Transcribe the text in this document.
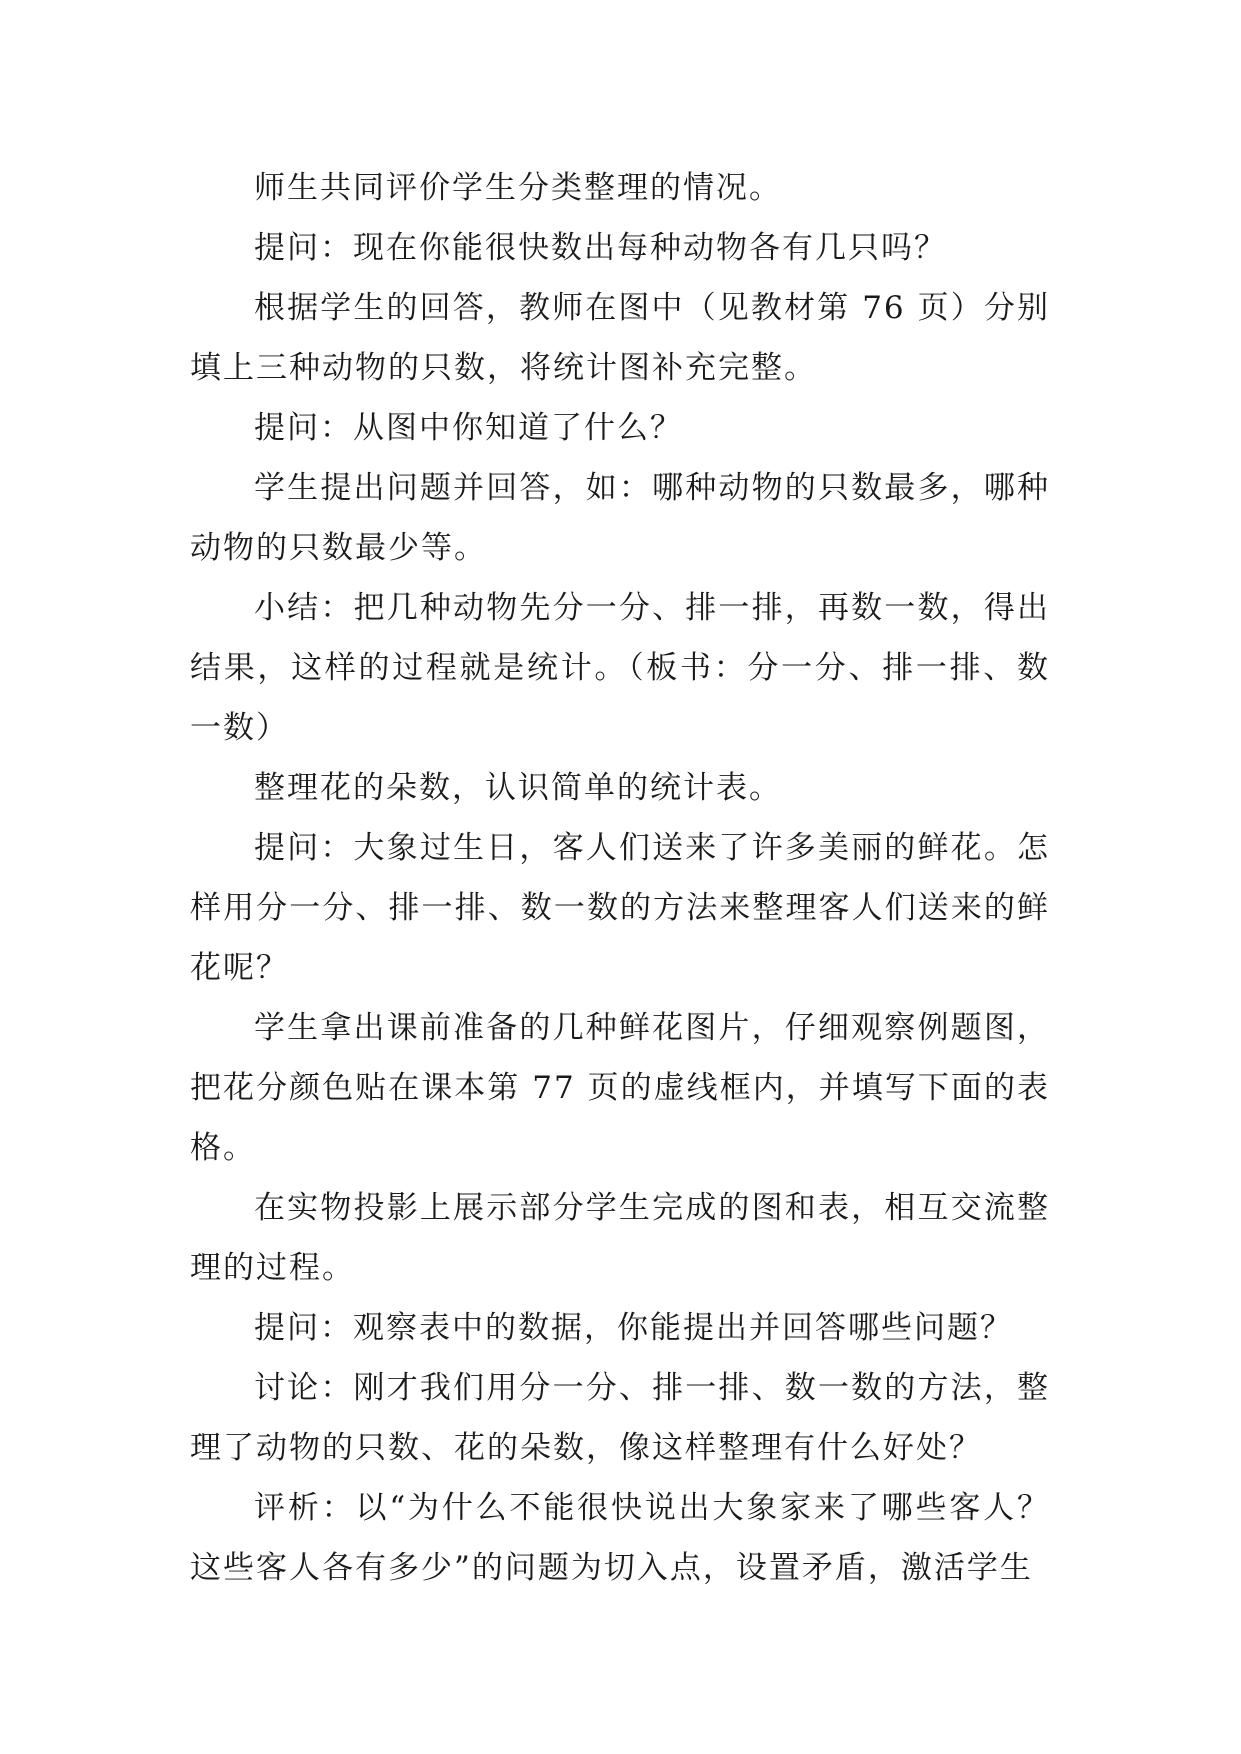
师生共同评价学生分类整理的情况。

提问：现在你能很快数出每种动物各有几只吗？

根据学生的回答，教师在图中（见教材第 76 页）分别填上三种动物的只数，将统计图补充完整。

提问：从图中你知道了什么？

学生提出问题并回答，如：哪种动物的只数最多，哪种动物的只数最少等。

小结：把几种动物先分一分、排一排，再数一数，得出结果，这样的过程就是统计。（板书：分一分、排一排、数一数）

整理花的朵数，认识简单的统计表。

提问：大象过生日，客人们送来了许多美丽的鲜花。怎样用分一分、排一排、数一数的方法来整理客人们送来的鲜花呢？

学生拿出课前准备的几种鲜花图片，仔细观察例题图，把花分颜色贴在课本第 77 页的虚线框内，并填写下面的表格。

在实物投影上展示部分学生完成的图和表，相互交流整理的过程。

提问：观察表中的数据，你能提出并回答哪些问题？

讨论：刚才我们用分一分、排一排、数一数的方法，整理了动物的只数、花的朵数，像这样整理有什么好处？

评析：以“为什么不能很快说出大象家来了哪些客人？这些客人各有多少”的问题为切入点，设置矛盾，激活学生
